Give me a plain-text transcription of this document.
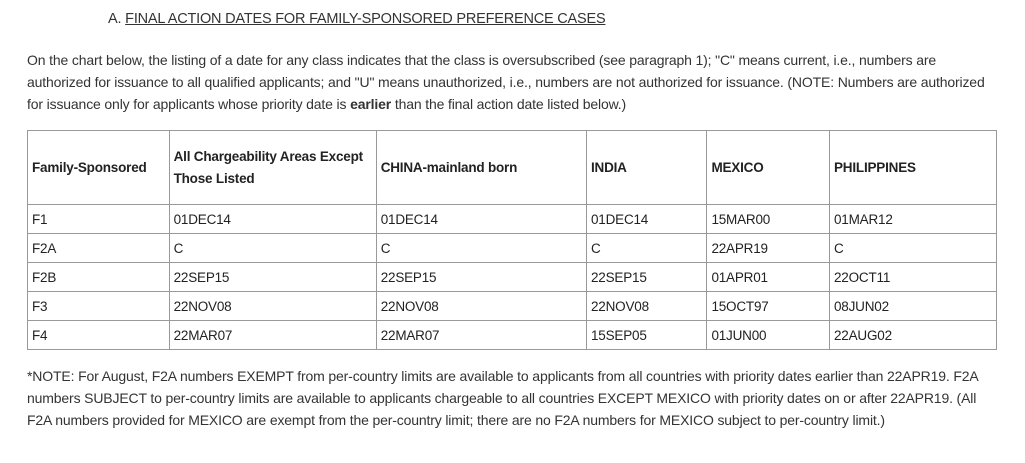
A. FINAL ACTION DATES FOR FAMILY-SPONSORED PREFERENCE CASES
On the chart below, the listing of a date for any class indicates that the class is oversubscribed (see paragraph 1); "C" means current, i.e., numbers are authorized for issuance to all qualified applicants; and "U" means unauthorized, i.e., numbers are not authorized for issuance. (NOTE: Numbers are authorized for issuance only for applicants whose priority date is earlier than the final action date listed below.)
Family-Sponsored	All Chargeability Areas Except Those Listed	CHINA-mainland born	INDIA	MEXICO	PHILIPPINES
F1	01DEC14	01DEC14	01DEC14	15MAR00	01MAR12
F2A	C	C	C	22APR19	C
F2B	22SEP15	22SEP15	22SEP15	01APR01	22OCT11
F3	22NOV08	22NOV08	22NOV08	15OCT97	08JUN02
F4	22MAR07	22MAR07	15SEP05	01JUN00	22AUG02
*NOTE: For August, F2A numbers EXEMPT from per-country limits are available to applicants from all countries with priority dates earlier than 22APR19. F2A numbers SUBJECT to per-country limits are available to applicants chargeable to all countries EXCEPT MEXICO with priority dates on or after 22APR19. (All F2A numbers provided for MEXICO are exempt from the per-country limit; there are no F2A numbers for MEXICO subject to per-country limit.)
